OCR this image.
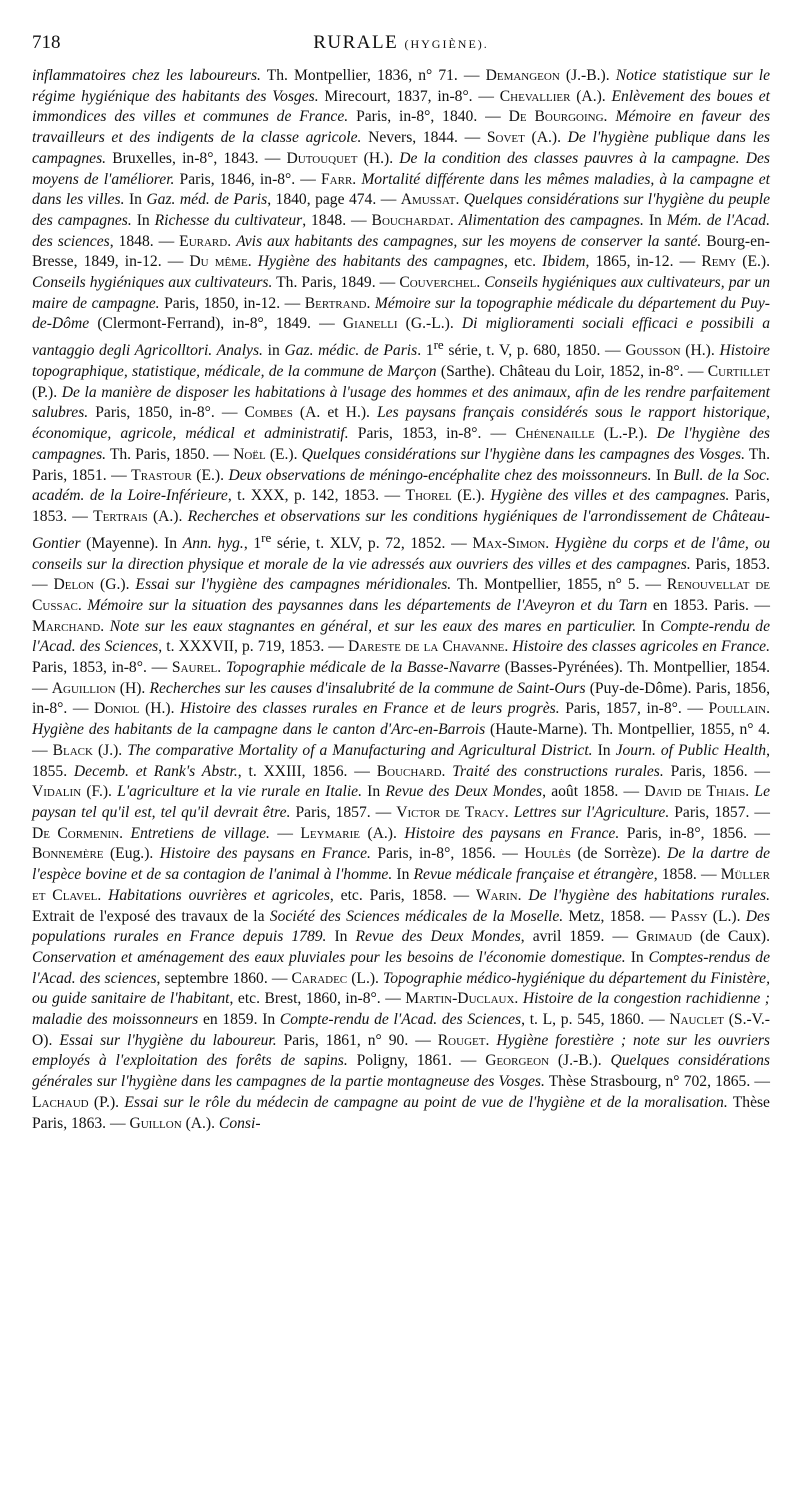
718	RURALE (HYGIÈNE).

inflammatoires chez les laboureurs. Th. Montpellier, 1836, n° 71. — Demangeon (J.-B.). Notice statistique sur le régime hygiénique des habitants des Vosges. Mirecourt, 1837, in-8°. — Chevallier (A.). Enlèvement des boues et immondices des villes et communes de France. Paris, in-8°, 1840. — De Bourgoing. Mémoire en faveur des travailleurs et des indigents de la classe agricole. Nevers, 1844. — Sovet (A.). De l'hygiène publique dans les campagnes. Bruxelles, in-8°, 1843. — Dutouquet (H.). De la condition des classes pauvres à la campagne. Des moyens de l'améliorer. Paris, 1846, in-8°. — Farr. Mortalité différente dans les mêmes maladies, à la campagne et dans les villes. In Gaz. méd. de Paris, 1840, page 474. — Amussat. Quelques considérations sur l'hygiène du peuple des campagnes. In Richesse du cultivateur, 1848. — Bouchardat. Alimentation des campagnes. In Mém. de l'Acad. des sciences, 1848. — Eurard. Avis aux habitants des campagnes, sur les moyens de conserver la santé. Bourg-en-Bresse, 1849, in-12. — Du même. Hygiène des habitants des campagnes, etc. Ibidem, 1865, in-12. — Remy (E.). Conseils hygiéniques aux cultivateurs. Th. Paris, 1849. — Couverchel. Conseils hygiéniques aux cultivateurs, par un maire de campagne. Paris, 1850, in-12. — Bertrand. Mémoire sur la topographie médicale du département du Puy-de-Dôme (Clermont-Ferrand), in-8°, 1849. — Gianelli (G.-L.). Di miglioramenti sociali efficaci e possibili a vantaggio degli Agricolltori. Analys. in Gaz. médic. de Paris. 1re série, t. V, p. 680, 1850. — Gousson (H.). Histoire topographique, statistique, médicale, de la commune de Marçon (Sarthe). Château du Loir, 1852, in-8°. — Curtillet (P.). De la manière de disposer les habitations à l'usage des hommes et des animaux, afin de les rendre parfaitement salubres. Paris, 1850, in-8°. — Combes (A. et H.). Les paysans français considérés sous le rapport historique, économique, agricole, médical et administratif. Paris, 1853, in-8°. — Chénenaille (L.-P.). De l'hygiène des campagnes. Th. Paris, 1850. — Noël (E.). Quelques considérations sur l'hygiène dans les campagnes des Vosges. Th. Paris, 1851. — Trastour (E.). Deux observations de méningo-encéphalite chez des moissonneurs. In Bull. de la Soc. académ. de la Loire-Inférieure, t. XXX, p. 142, 1853. — Thorel (E.). Hygiène des villes et des campagnes. Paris, 1853. — Tertrais (A.). Recherches et observations sur les conditions hygiéniques de l'arrondissement de Château-Gontier (Mayenne). In Ann. hyg., 1re série, t. XLV, p. 72, 1852. — Max-Simon. Hygiène du corps et de l'âme, ou conseils sur la direction physique et morale de la vie adressés aux ouvriers des villes et des campagnes. Paris, 1853. — Delon (G.). Essai sur l'hygiène des campagnes méridionales. Th. Montpellier, 1855, n° 5. — Renouvellat de Cussac. Mémoire sur la situation des paysannes dans les départements de l'Aveyron et du Tarn en 1853. Paris. — Marchand. Note sur les eaux stagnantes en général, et sur les eaux des mares en particulier. In Compte-rendu de l'Acad. des Sciences, t. XXXVII, p. 719, 1853. — Dareste de la Chavanne. Histoire des classes agricoles en France. Paris, 1853, in-8°. — Saurel. Topographie médicale de la Basse-Navarre (Basses-Pyrénées). Th. Montpellier, 1854. — Aguillion (H). Recherches sur les causes d'insalubrité de la commune de Saint-Ours (Puy-de-Dôme). Paris, 1856, in-8°. — Doniol (H.). Histoire des classes rurales en France et de leurs progrès. Paris, 1857, in-8°. — Poullain. Hygiène des habitants de la campagne dans le canton d'Arc-en-Barrois (Haute-Marne). Th. Montpellier, 1855, n° 4. — Black (J.). The comparative Mortality of a Manufacturing and Agricultural District. In Journ. of Public Health, 1855. Decemb. et Rank's Abstr., t. XXIII, 1856. — Bouchard. Traité des constructions rurales. Paris, 1856. — Vidalin (F.). L'agriculture et la vie rurale en Italie. In Revue des Deux Mondes, août 1858. — David de Thiais. Le paysan tel qu'il est, tel qu'il devrait être. Paris, 1857. — Victor de Tracy. Lettres sur l'Agriculture. Paris, 1857. — De Cormenin. Entretiens de village. — Leymarie (A.). Histoire des paysans en France. Paris, in-8°, 1856. — Bonnemère (Eug.). Histoire des paysans en France. Paris, in-8°, 1856. — Houlès (de Sorrèze). De la dartre de l'espèce bovine et de sa contagion de l'animal à l'homme. In Revue médicale française et étrangère, 1858. — Müller et Clavel. Habitations ouvrières et agricoles, etc. Paris, 1858. — Warin. De l'hygiène des habitations rurales. Extrait de l'exposé des travaux de la Société des Sciences médicales de la Moselle. Metz, 1858. — Passy (L.). Des populations rurales en France depuis 1789. In Revue des Deux Mondes, avril 1859. — Grimaud (de Caux). Conservation et aménagement des eaux pluviales pour les besoins de l'économie domestique. In Comptes-rendus de l'Acad. des sciences, septembre 1860. — Caradec (L.). Topographie médico-hygiénique du département du Finistère, ou guide sanitaire de l'habitant, etc. Brest, 1860, in-8°. — Martin-Duclaux. Histoire de la congestion rachidienne ; maladie des moissonneurs en 1859. In Compte-rendu de l'Acad. des Sciences, t. L, p. 545, 1860. — Nauclet (S.-V.-O). Essai sur l'hygiène du laboureur. Paris, 1861, n° 90. — Rouget. Hygiène forestière ; note sur les ouvriers employés à l'exploitation des forêts de sapins. Poligny, 1861. — Georgeon (J.-B.). Quelques considérations générales sur l'hygiène dans les campagnes de la partie montagneuse des Vosges. Thèse Strasbourg, n° 702, 1865. — Lachaud (P.). Essai sur le rôle du médecin de campagne au point de vue de l'hygiène et de la moralisation. Thèse Paris, 1863. — Guillon (A.). Consi-
